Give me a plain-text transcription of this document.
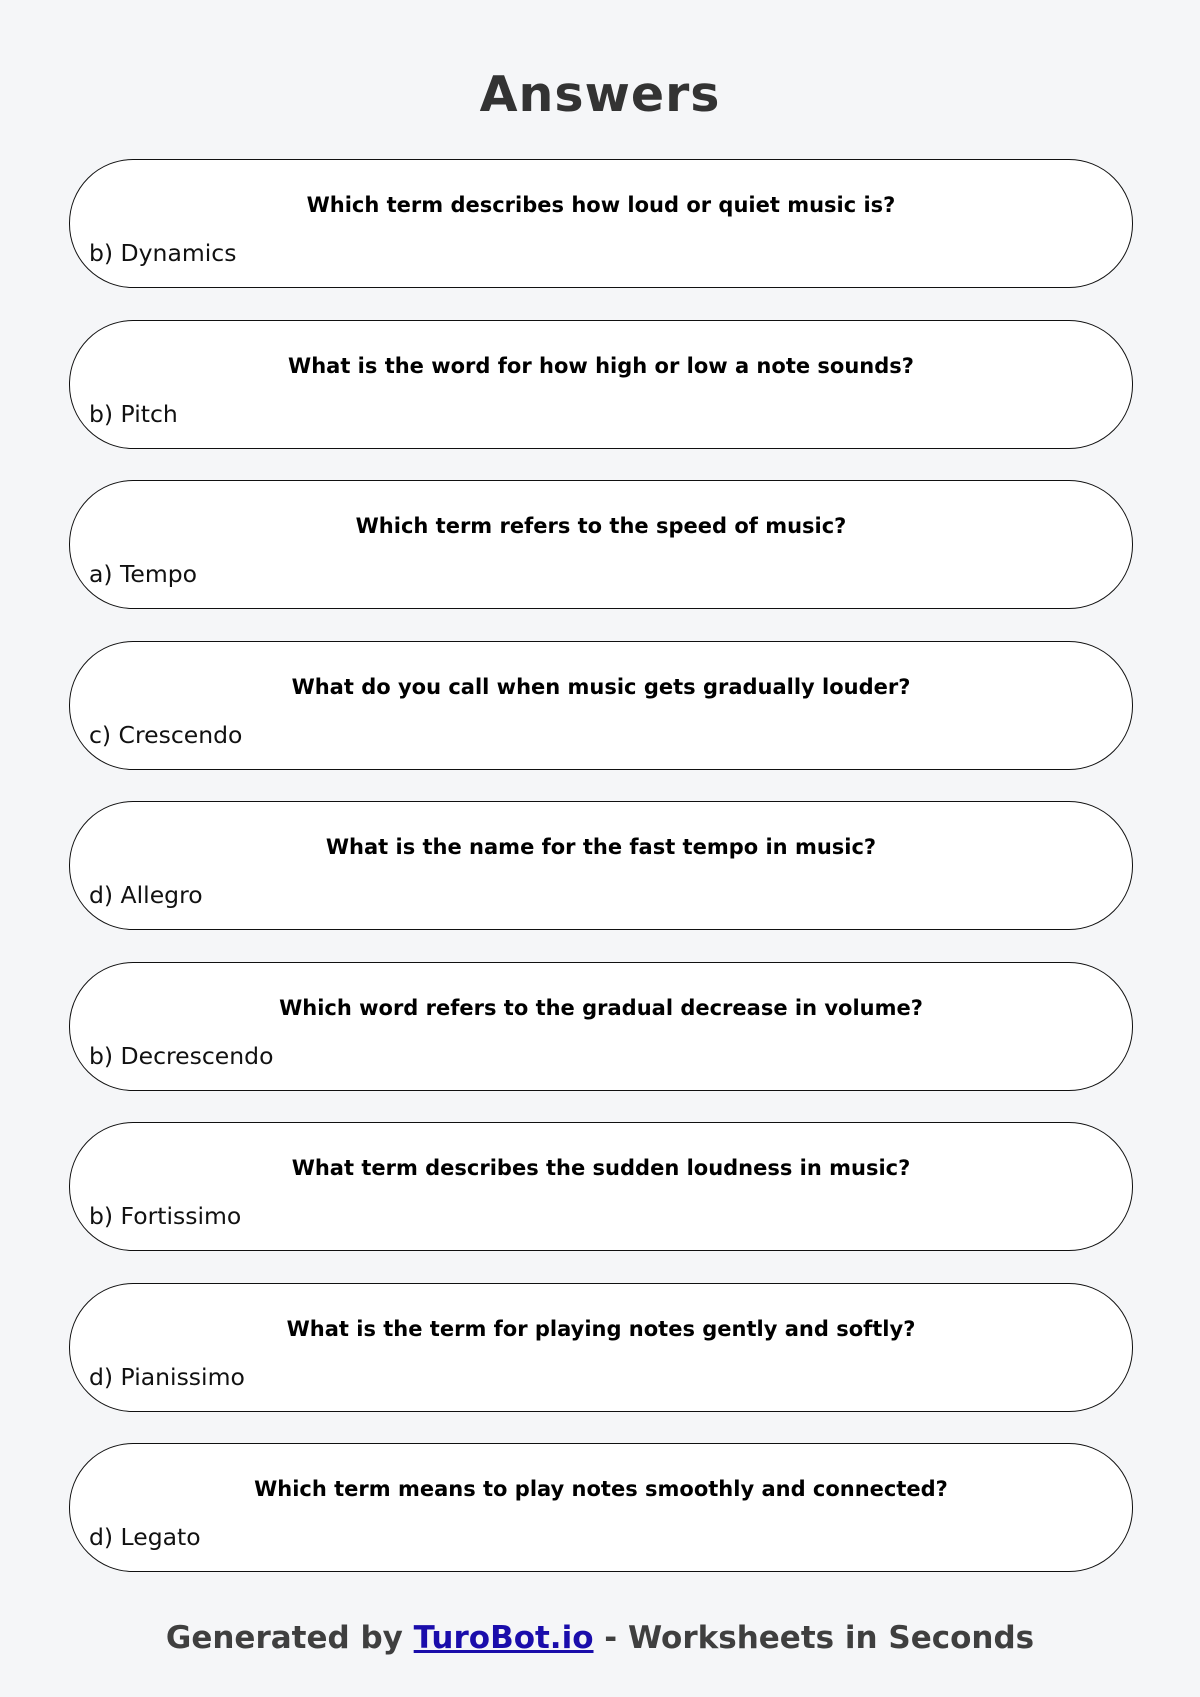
Answers
Which term describes how loud or quiet music is?
b) Dynamics
What is the word for how high or low a note sounds?
b) Pitch
Which term refers to the speed of music?
a) Tempo
What do you call when music gets gradually louder?
c) Crescendo
What is the name for the fast tempo in music?
d) Allegro
Which word refers to the gradual decrease in volume?
b) Decrescendo
What term describes the sudden loudness in music?
b) Fortissimo
What is the term for playing notes gently and softly?
d) Pianissimo
Which term means to play notes smoothly and connected?
d) Legato
Generated by TuroBot.io - Worksheets in Seconds
